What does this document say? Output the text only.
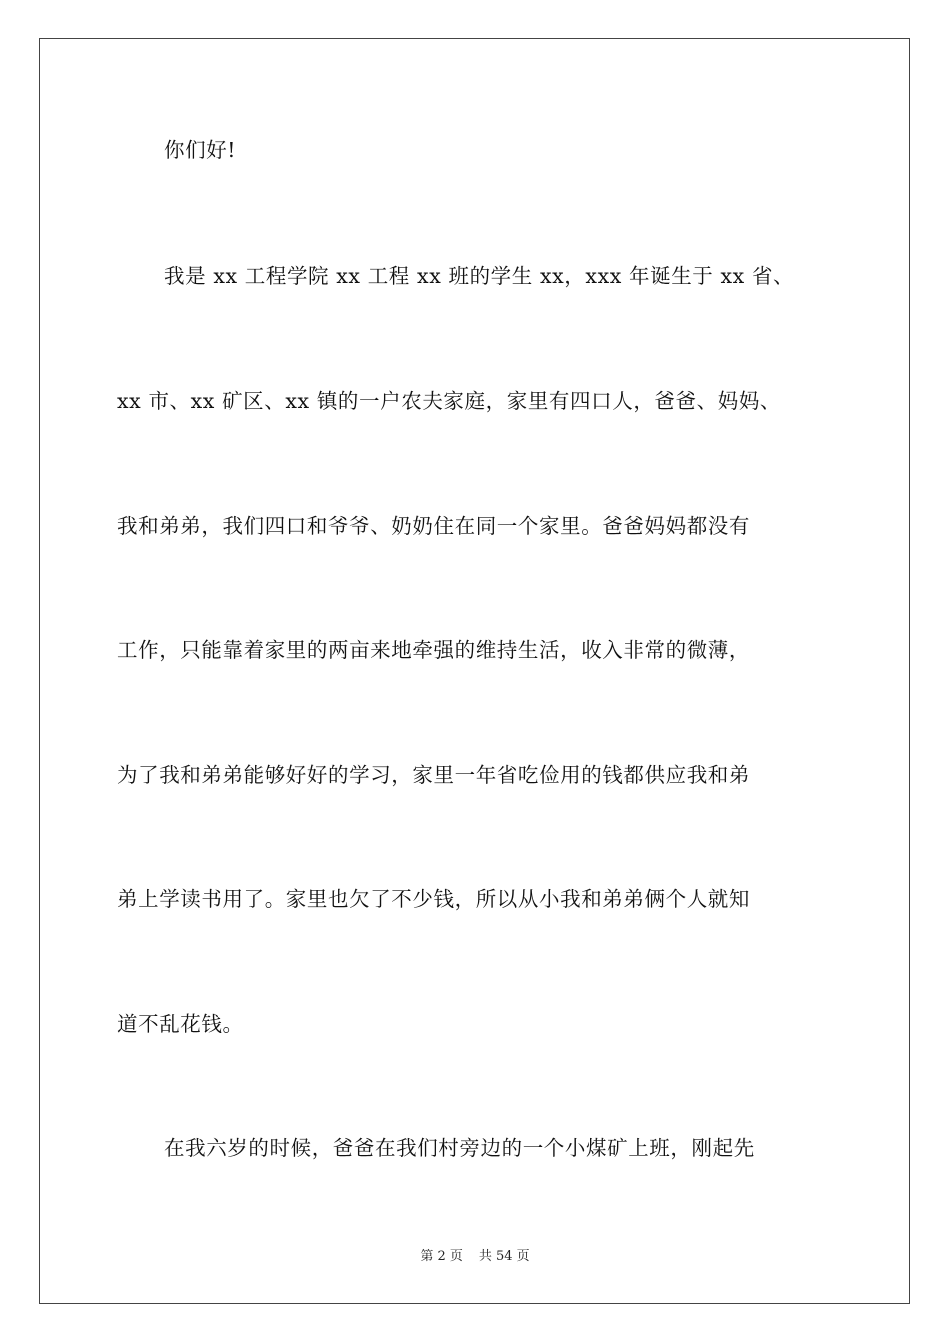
你们好!
我是 xx 工程学院 xx 工程 xx 班的学生 xx，xxx 年诞生于 xx 省、
xx 市、xx 矿区、xx 镇的一户农夫家庭，家里有四口人，爸爸、妈妈、
我和弟弟，我们四口和爷爷、奶奶住在同一个家里。爸爸妈妈都没有
工作，只能靠着家里的两亩来地牵强的维持生活，收入非常的微薄，
为了我和弟弟能够好好的学习，家里一年省吃俭用的钱都供应我和弟
弟上学读书用了。家里也欠了不少钱，所以从小我和弟弟俩个人就知
道不乱花钱。
在我六岁的时候，爸爸在我们村旁边的一个小煤矿上班，刚起先
第 2 页 共 54 页
